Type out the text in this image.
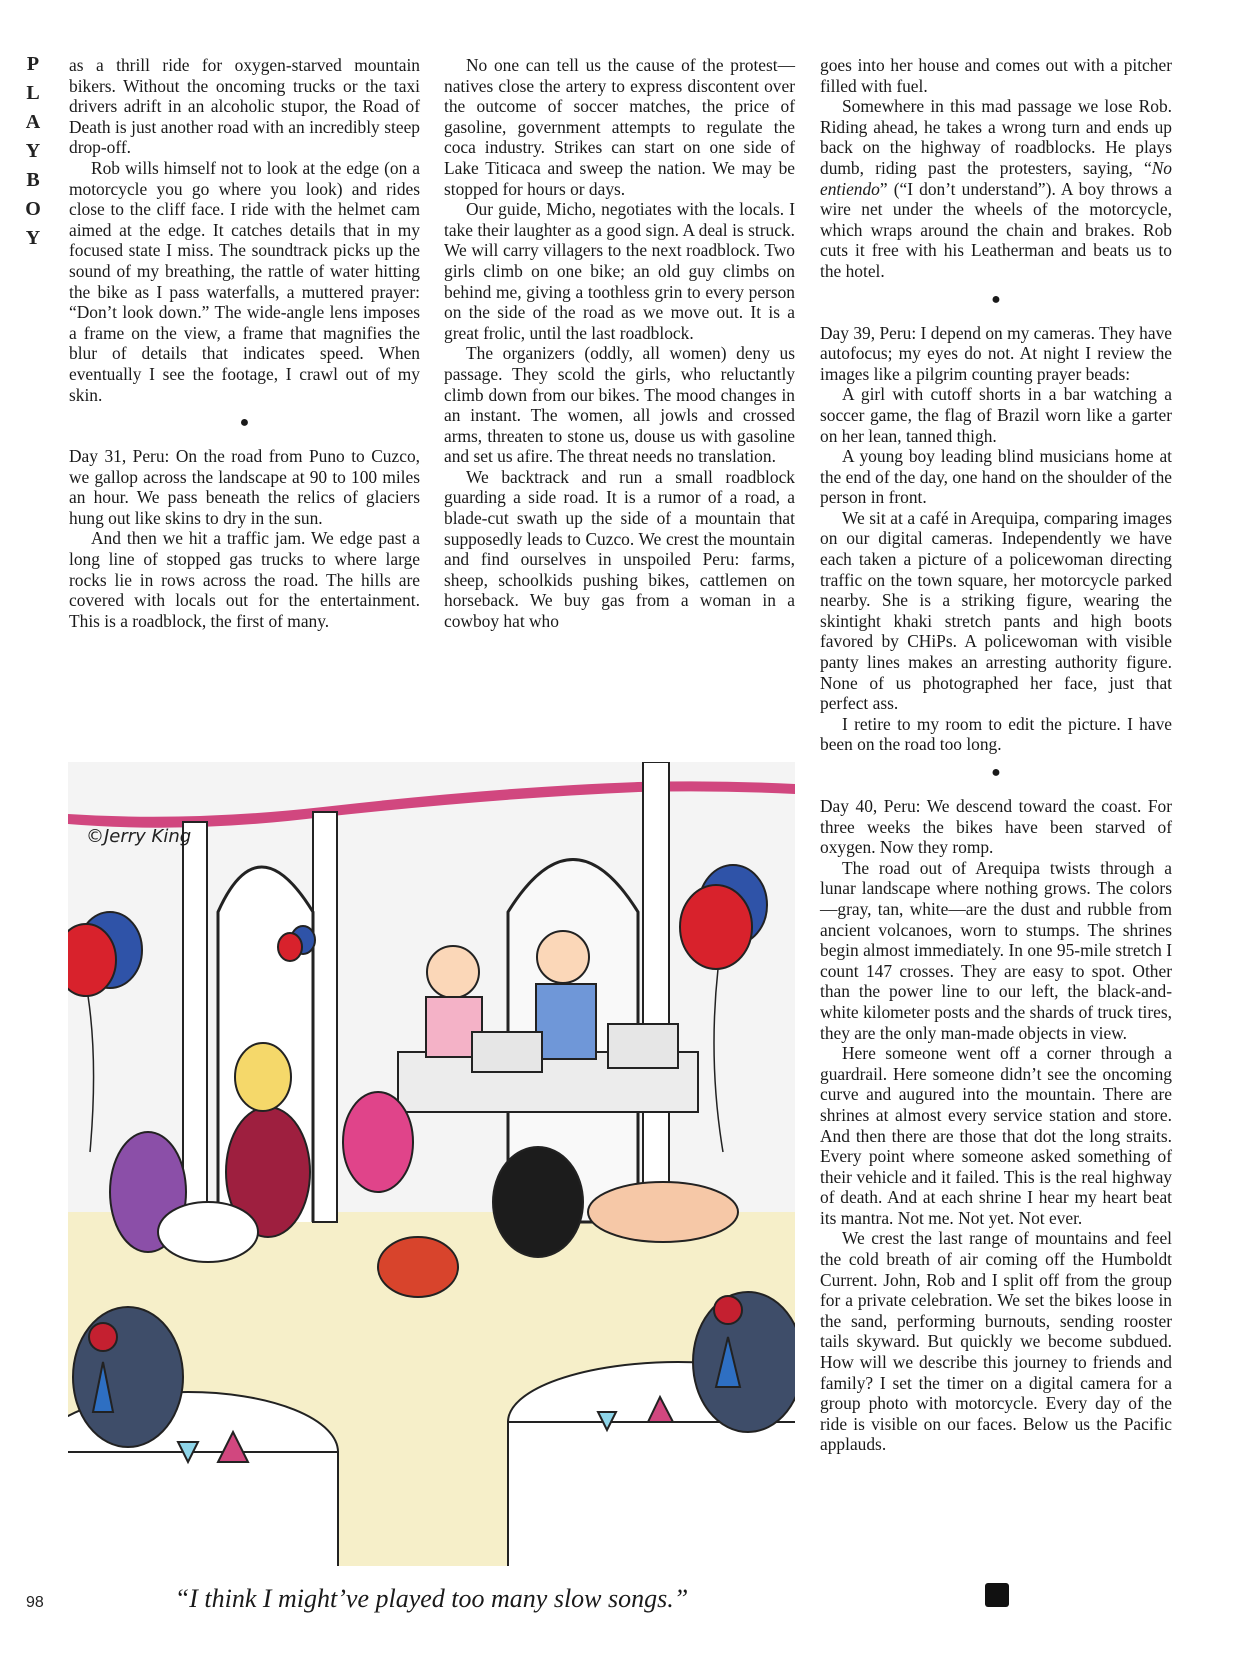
P
L
A
Y
B
O
Y

as a thrill ride for oxygen-starved mountain bikers. Without the oncoming trucks or the taxi drivers adrift in an alcoholic stupor, the Road of Death is just another road with an incredibly steep drop-off.

Rob wills himself not to look at the edge (on a motorcycle you go where you look) and rides close to the cliff face. I ride with the helmet cam aimed at the edge. It catches details that in my focused state I miss. The soundtrack picks up the sound of my breathing, the rattle of water hitting the bike as I pass waterfalls, a muttered prayer: “Don’t look down.” The wide-angle lens imposes a frame on the view, a frame that magnifies the blur of details that indicates speed. When eventually I see the footage, I crawl out of my skin.

●

Day 31, Peru: On the road from Puno to Cuzco, we gallop across the landscape at 90 to 100 miles an hour. We pass beneath the relics of glaciers hung out like skins to dry in the sun.

And then we hit a traffic jam. We edge past a long line of stopped gas trucks to where large rocks lie in rows across the road. The hills are covered with locals out for the entertainment. This is a roadblock, the first of many.

No one can tell us the cause of the protest—natives close the artery to express discontent over the outcome of soccer matches, the price of gasoline, government attempts to regulate the coca industry. Strikes can start on one side of Lake Titicaca and sweep the nation. We may be stopped for hours or days.

Our guide, Micho, negotiates with the locals. I take their laughter as a good sign. A deal is struck. We will carry villagers to the next roadblock. Two girls climb on one bike; an old guy climbs on behind me, giving a toothless grin to every person on the side of the road as we move out. It is a great frolic, until the last roadblock.

The organizers (oddly, all women) deny us passage. They scold the girls, who reluctantly climb down from our bikes. The mood changes in an instant. The women, all jowls and crossed arms, threaten to stone us, douse us with gasoline and set us afire. The threat needs no translation.

We backtrack and run a small roadblock guarding a side road. It is a rumor of a road, a blade-cut swath up the side of a mountain that supposedly leads to Cuzco. We crest the mountain and find ourselves in unspoiled Peru: farms, sheep, schoolkids pushing bikes, cattlemen on horseback. We buy gas from a woman in a cowboy hat who

goes into her house and comes out with a pitcher filled with fuel.

Somewhere in this mad passage we lose Rob. Riding ahead, he takes a wrong turn and ends up back on the highway of roadblocks. He plays dumb, riding past the protesters, saying, “No entiendo” (“I don’t understand”). A boy throws a wire net under the wheels of the motorcycle, which wraps around the chain and brakes. Rob cuts it free with his Leatherman and beats us to the hotel.

●

Day 39, Peru: I depend on my cameras. They have autofocus; my eyes do not. At night I review the images like a pilgrim counting prayer beads:

A girl with cutoff shorts in a bar watching a soccer game, the flag of Brazil worn like a garter on her lean, tanned thigh.

A young boy leading blind musicians home at the end of the day, one hand on the shoulder of the person in front.

We sit at a café in Arequipa, comparing images on our digital cameras. Independently we have each taken a picture of a policewoman directing traffic on the town square, her motorcycle parked nearby. She is a striking figure, wearing the skintight khaki stretch pants and high boots favored by CHiPs. A policewoman with visible panty lines makes an arresting authority figure. None of us photographed her face, just that perfect ass.

I retire to my room to edit the picture. I have been on the road too long.

●

Day 40, Peru: We descend toward the coast. For three weeks the bikes have been starved of oxygen. Now they romp.

The road out of Arequipa twists through a lunar landscape where nothing grows. The colors—gray, tan, white—are the dust and rubble from ancient volcanoes, worn to stumps. The shrines begin almost immediately. In one 95-mile stretch I count 147 crosses. They are easy to spot. Other than the power line to our left, the black-and-white kilometer posts and the shards of truck tires, they are the only man-made objects in view.

Here someone went off a corner through a guardrail. Here someone didn’t see the oncoming curve and augured into the mountain. There are shrines at almost every service station and store. And then there are those that dot the long straits. Every point where someone asked something of their vehicle and it failed. This is the real highway of death. And at each shrine I hear my heart beat its mantra. Not me. Not yet. Not ever.

We crest the last range of mountains and feel the cold breath of air coming off the Humboldt Current. John, Rob and I split off from the group for a private celebration. We set the bikes loose in the sand, performing burnouts, sending rooster tails skyward. But quickly we become subdued. How will we describe this journey to friends and family? I set the timer on a digital camera for a group photo with motorcycle. Every day of the ride is visible on our faces. Below us the Pacific applauds.

©Jerry King
“I think I might’ve played too many slow songs.”
98
